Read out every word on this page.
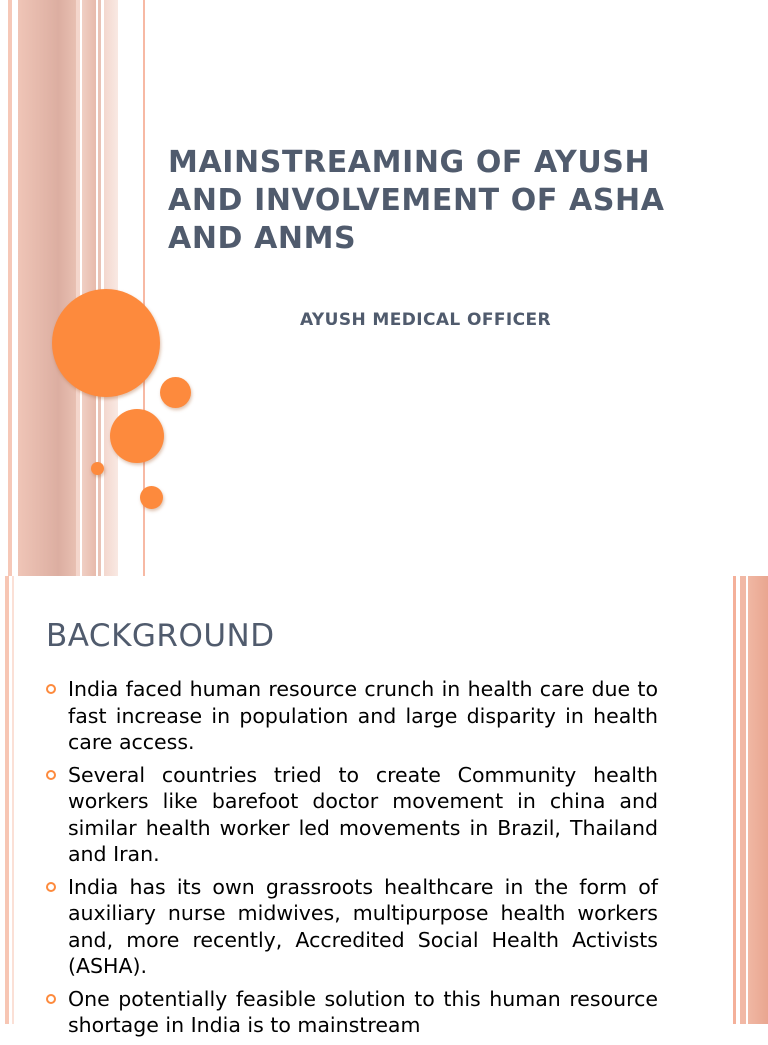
MAINSTREAMING OF AYUSH AND INVOLVEMENT OF ASHA AND ANMS
AYUSH MEDICAL OFFICER
BACKGROUND
India faced human resource crunch in health care due to fast increase in population and large disparity in health care access.
Several countries tried to create Community health workers like barefoot doctor movement in china and similar health worker led movements in Brazil, Thailand and Iran.
India has its own grassroots healthcare in the form of auxiliary nurse midwives, multipurpose health workers and, more recently, Accredited Social Health Activists (ASHA).
One potentially feasible solution to this human resource shortage in India is to mainstream
